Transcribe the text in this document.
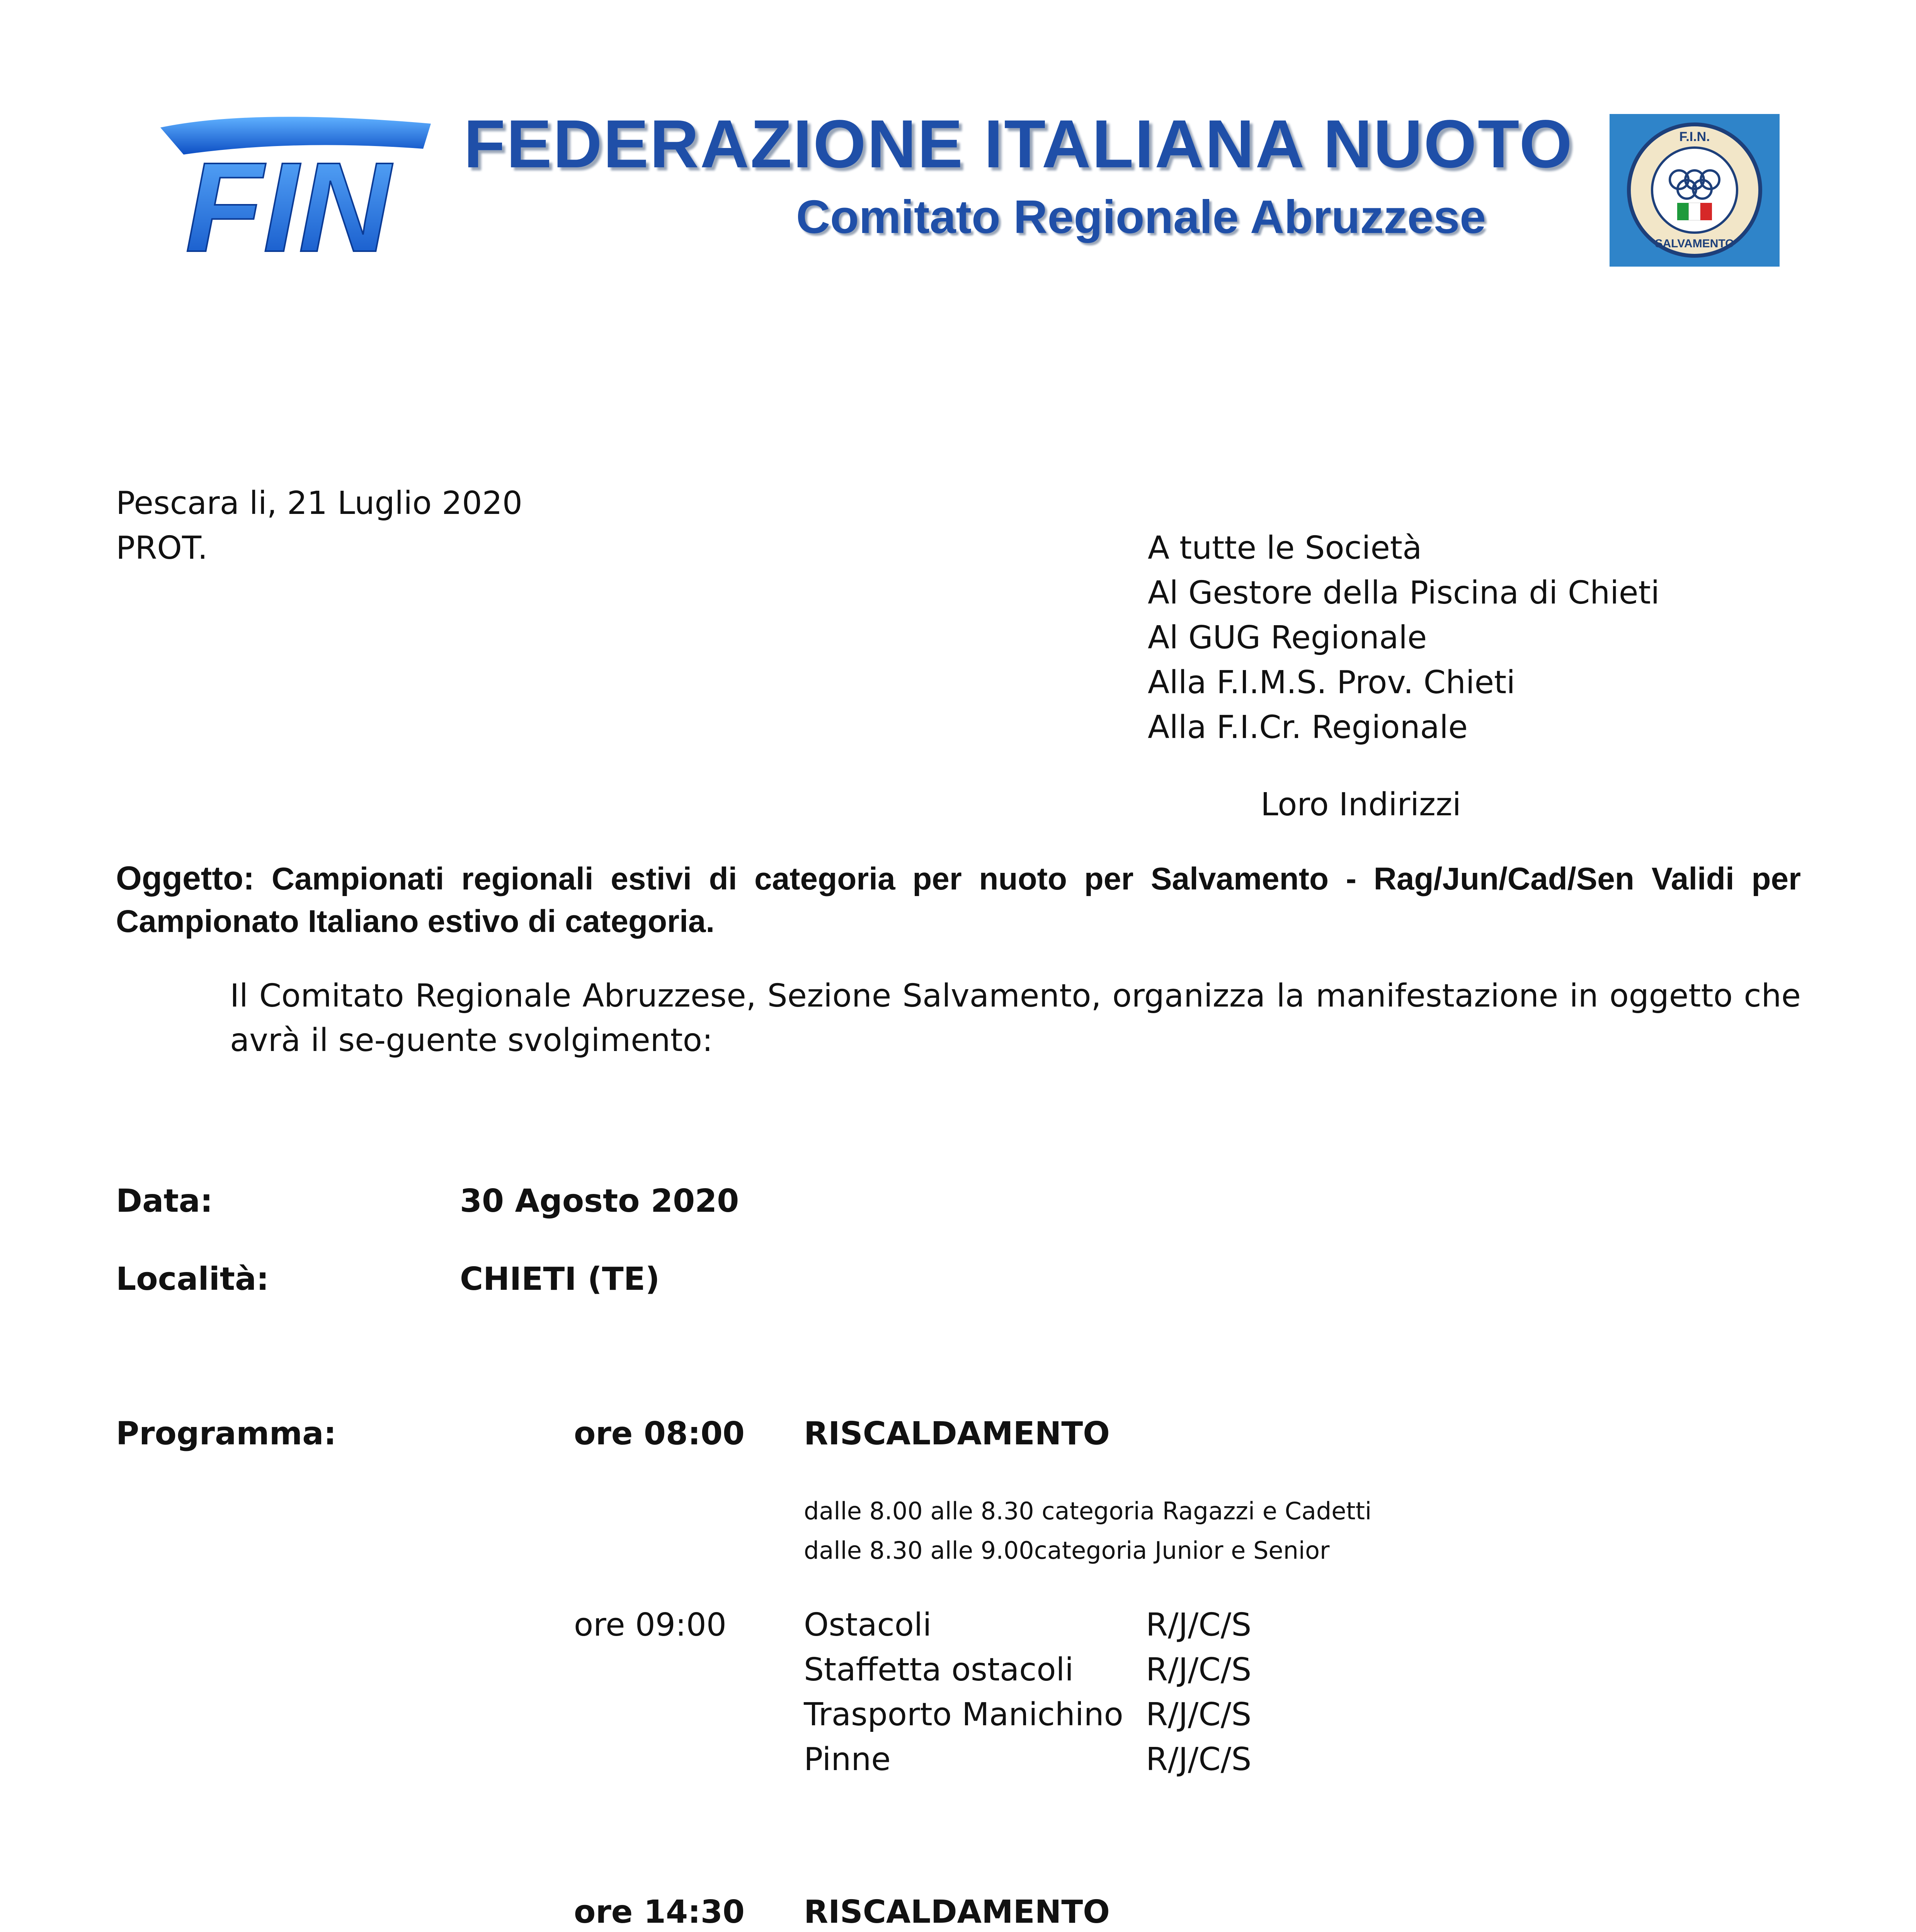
FIN FEDERAZIONE ITALIANA NUOTO
Comitato Regionale Abruzzese
F.I.N.
SALVAMENTO
Pescara li, 21 Luglio 2020
PROT.	A tutte le Società
Al Gestore della Piscina di Chieti
Al GUG Regionale
Alla F.I.M.S. Prov. Chieti
Alla F.I.Cr. Regionale
Loro Indirizzi
Oggetto: Campionati regionali estivi di categoria per nuoto per Salvamento - Rag/Jun/Cad/Sen Validi per Campionato Italiano estivo di categoria.
Il Comitato Regionale Abruzzese, Sezione Salvamento, organizza la manifestazione in oggetto che avrà il se-guente svolgimento:
Data:	30 Agosto 2020
Località:	CHIETI (TE)
Programma:	ore 08:00 RISCALDAMENTO
dalle 8.00 alle 8.30 categoria Ragazzi e Cadetti
dalle 8.30 alle 9.00categoria Junior e Senior
ore 09:00 Ostacoli	R/J/C/S
Staffetta ostacoli R/J/C/S
Trasporto Manichino R/J/C/S
Pinne	R/J/C/S
ore 14:30 RISCALDAMENTO
